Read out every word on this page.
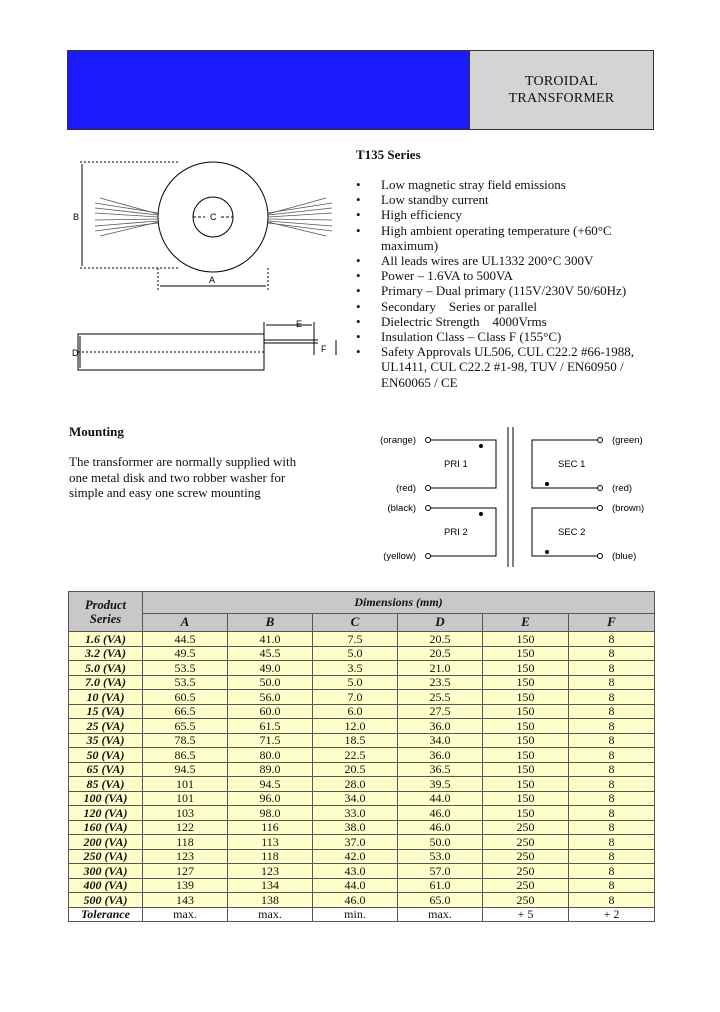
TOROIDAL
TRANSFORMER
B	C
A
D
E
F
T135 Series
• Low magnetic stray field emissions
• Low standby current
• High efficiency
• High ambient operating temperature (+60°C maximum)
• All leads wires are UL1332 200°C 300V
• Power – 1.6VA to 500VA
• Primary – Dual primary (115V/230V 50/60Hz)
• Secondary    Series or parallel
• Dielectric Strength    4000Vrms
• Insulation Class – Class F (155°C)
• Safety Approvals UL506, CUL C22.2 #66-1988, UL1411, CUL C22.2 #1-98, TUV / EN60950 / EN60065 / CE
Mounting
The transformer are normally supplied with one metal disk and two robber washer for simple and easy one screw mounting
PRI 1
PRI 2
SEC 1
SEC 2
(orange)
(red)
(black)
(yellow)
(green)
(red)
(brown)
(blue)
Product
Series	Dimensions (mm)					
	A	B	C	D	E	F
1.6 (VA)	44.5	41.0	7.5	20.5	150	8
3.2 (VA)	49.5	45.5	5.0	20.5	150	8
5.0 (VA)	53.5	49.0	3.5	21.0	150	8
7.0 (VA)	53.5	50.0	5.0	23.5	150	8
10 (VA)	60.5	56.0	7.0	25.5	150	8
15 (VA)	66.5	60.0	6.0	27.5	150	8
25 (VA)	65.5	61.5	12.0	36.0	150	8
35 (VA)	78.5	71.5	18.5	34.0	150	8
50 (VA)	86.5	80.0	22.5	36.0	150	8
65 (VA)	94.5	89.0	20.5	36.5	150	8
85 (VA)	101	94.5	28.0	39.5	150	8
100 (VA)	101	96.0	34.0	44.0	150	8
120 (VA)	103	98.0	33.0	46.0	150	8
160 (VA)	122	116	38.0	46.0	250	8
200 (VA)	118	113	37.0	50.0	250	8
250 (VA)	123	118	42.0	53.0	250	8
300 (VA)	127	123	43.0	57.0	250	8
400 (VA)	139	134	44.0	61.0	250	8
500 (VA)	143	138	46.0	65.0	250	8
Tolerance	max.	max.	min.	max.	+ 5	+ 2
